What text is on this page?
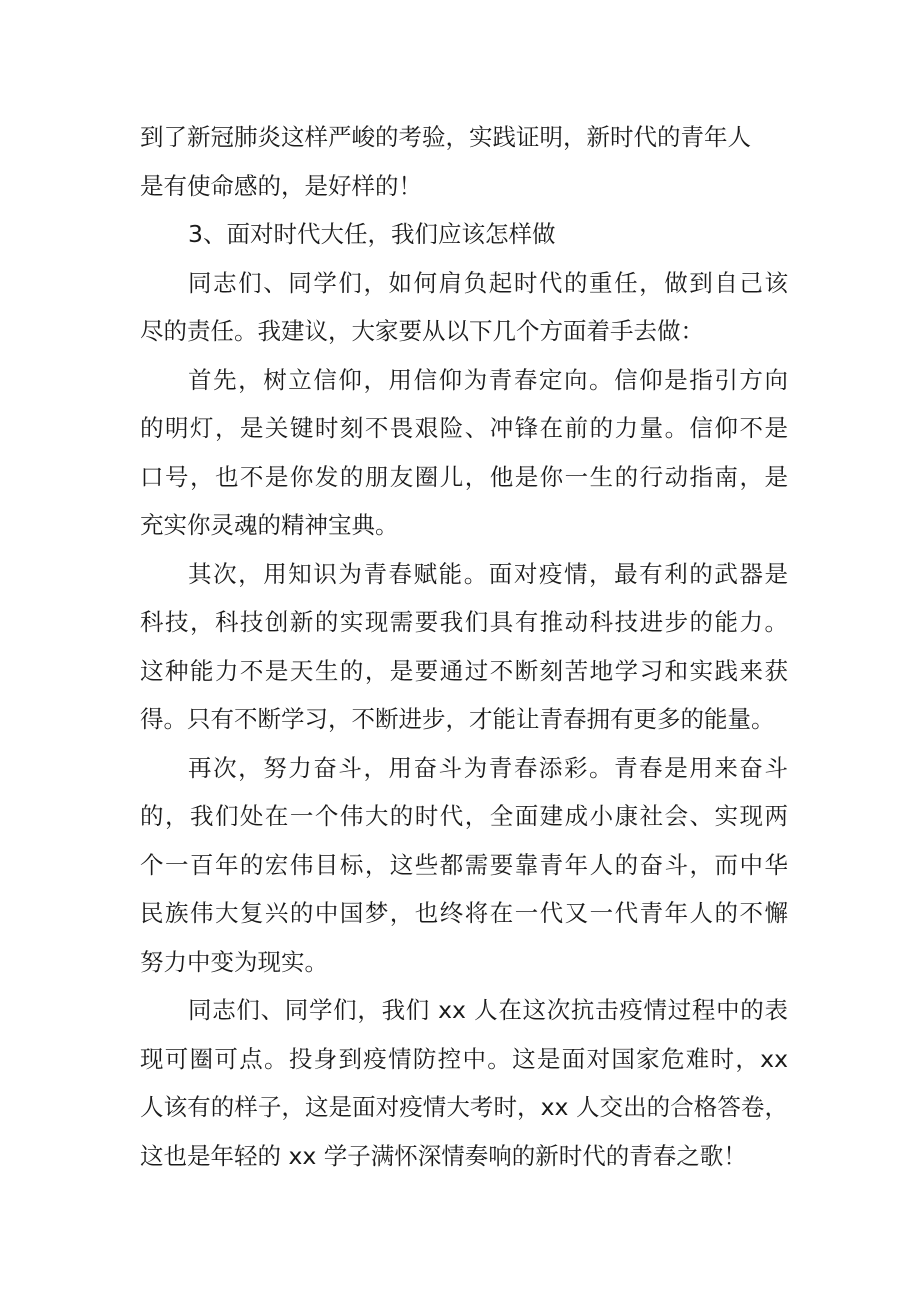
到了新冠肺炎这样严峻的考验，实践证明，新时代的青年人
是有使命感的，是好样的！
3、面对时代大任，我们应该怎样做
同志们、同学们，如何肩负起时代的重任，做到自己该
尽的责任。我建议，大家要从以下几个方面着手去做：
首先，树立信仰，用信仰为青春定向。信仰是指引方向
的明灯，是关键时刻不畏艰险、冲锋在前的力量。信仰不是
口号，也不是你发的朋友圈儿，他是你一生的行动指南，是
充实你灵魂的精神宝典。
其次，用知识为青春赋能。面对疫情，最有利的武器是
科技，科技创新的实现需要我们具有推动科技进步的能力。
这种能力不是天生的，是要通过不断刻苦地学习和实践来获
得。只有不断学习，不断进步，才能让青春拥有更多的能量。
再次，努力奋斗，用奋斗为青春添彩。青春是用来奋斗
的，我们处在一个伟大的时代，全面建成小康社会、实现两
个一百年的宏伟目标，这些都需要靠青年人的奋斗，而中华
民族伟大复兴的中国梦，也终将在一代又一代青年人的不懈
努力中变为现实。
同志们、同学们，我们 xx 人在这次抗击疫情过程中的表
现可圈可点。投身到疫情防控中。这是面对国家危难时，xx
人该有的样子，这是面对疫情大考时，xx 人交出的合格答卷，
这也是年轻的 xx 学子满怀深情奏响的新时代的青春之歌！
